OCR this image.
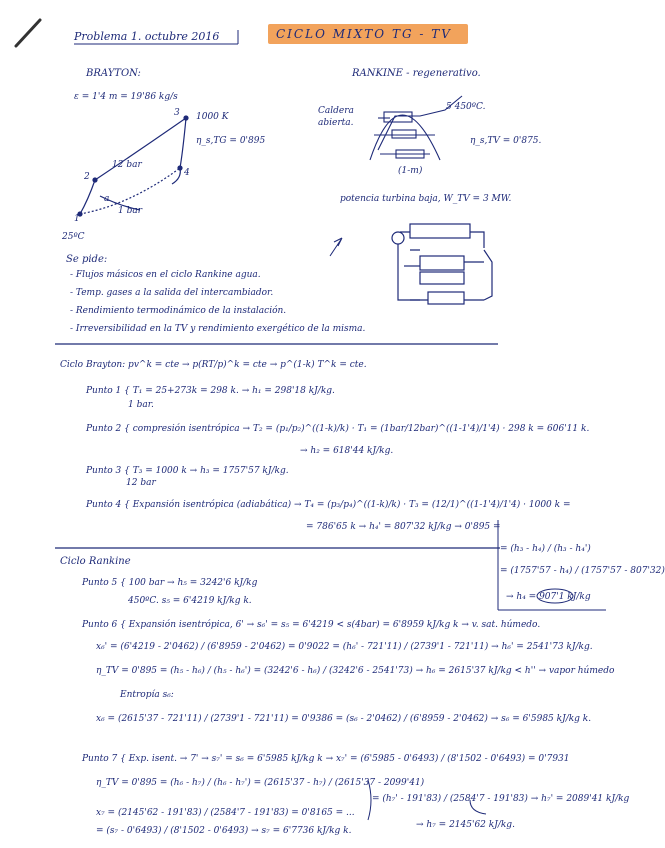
Problema 1. octubre 2016	CICLO MIXTO TG - TV
BRAYTON:
ε = 1'4 m = 19'86 kg/s
3 1000 K
η_s,TG = 0'895
12 bar
2	4
a
1 bar
1
25ºC
RANKINE - regenerativo.
Caldera
abierta.
5 450ºC.
η_s,TV = 0'875.
(1-m)
potencia turbina baja, W_TV = 3 MW.
Se pide:
- Flujos másicos en el ciclo Rankine agua.
- Temp. gases a la salida del intercambiador.
- Rendimiento termodinámico de la instalación.
- Irreversibilidad en la TV y rendimiento exergético de la misma.
Ciclo Brayton: pv^k = cte → p(RT/p)^k = cte → p^(1-k) T^k = cte.
Punto 1 { T₁ = 25+273k = 298 k. → h₁ = 298'18 kJ/kg.
1 bar.
Punto 2 { compresión isentrópica → T₂ = (p₁/p₂)^((1-k)/k) · T₁ = (1bar/12bar)^((1-1'4)/1'4) · 298 k = 606'11 k.
→ h₂ = 618'44 kJ/kg.
Punto 3 { T₃ = 1000 k → h₃ = 1757'57 kJ/kg.
12 bar
Punto 4 { Expansión isentrópica (adiabática) → T₄ = (p₃/p₄)^((1-k)/k) · T₃ = (12/1)^((1-1'4)/1'4) · 1000 k =
= 786'65 k → h₄' = 807'32 kJ/kg → 0'895 =
= (h₃ - h₄) / (h₃ - h₄')
= (1757'57 - h₄) / (1757'57 - 807'32)
→ h₄ = 907'1 kJ/kg
Ciclo Rankine
Punto 5 { 100 bar → h₅ = 3242'6 kJ/kg
450ºC. s₅ = 6'4219 kJ/kg k.
Punto 6 { Expansión isentrópica, 6' → s₆' = s₅ = 6'4219 < s(4bar) = 6'8959 kJ/kg k → v. sat. húmedo.
x₆' = (6'4219 - 2'0462) / (6'8959 - 2'0462) = 0'9022 = (h₆' - 721'11) / (2739'1 - 721'11) → h₆' = 2541'73 kJ/kg.
η_TV = 0'895 = (h₅ - h₆) / (h₅ - h₆') = (3242'6 - h₆) / (3242'6 - 2541'73) → h₆ = 2615'37 kJ/kg < h'' → vapor húmedo
Entropía s₆:
x₆ = (2615'37 - 721'11) / (2739'1 - 721'11) = 0'9386 = (s₆ - 2'0462) / (6'8959 - 2'0462) → s₆ = 6'5985 kJ/kg k.
Punto 7 { Exp. isent. → 7' → s₇' = s₆ = 6'5985 kJ/kg k → x₇' = (6'5985 - 0'6493) / (8'1502 - 0'6493) = 0'7931
η_TV = 0'895 = (h₆ - h₇) / (h₆ - h₇') = (2615'37 - h₇) / (2615'37 - 2099'41)
= (h₇' - 191'83) / (2584'7 - 191'83) → h₇' = 2089'41 kJ/kg
x₇ = (2145'62 - 191'83) / (2584'7 - 191'83) = 0'8165 = ...
= (s₇ - 0'6493) / (8'1502 - 0'6493) → s₇ = 6'7736 kJ/kg k.
→ h₇ = 2145'62 kJ/kg.
